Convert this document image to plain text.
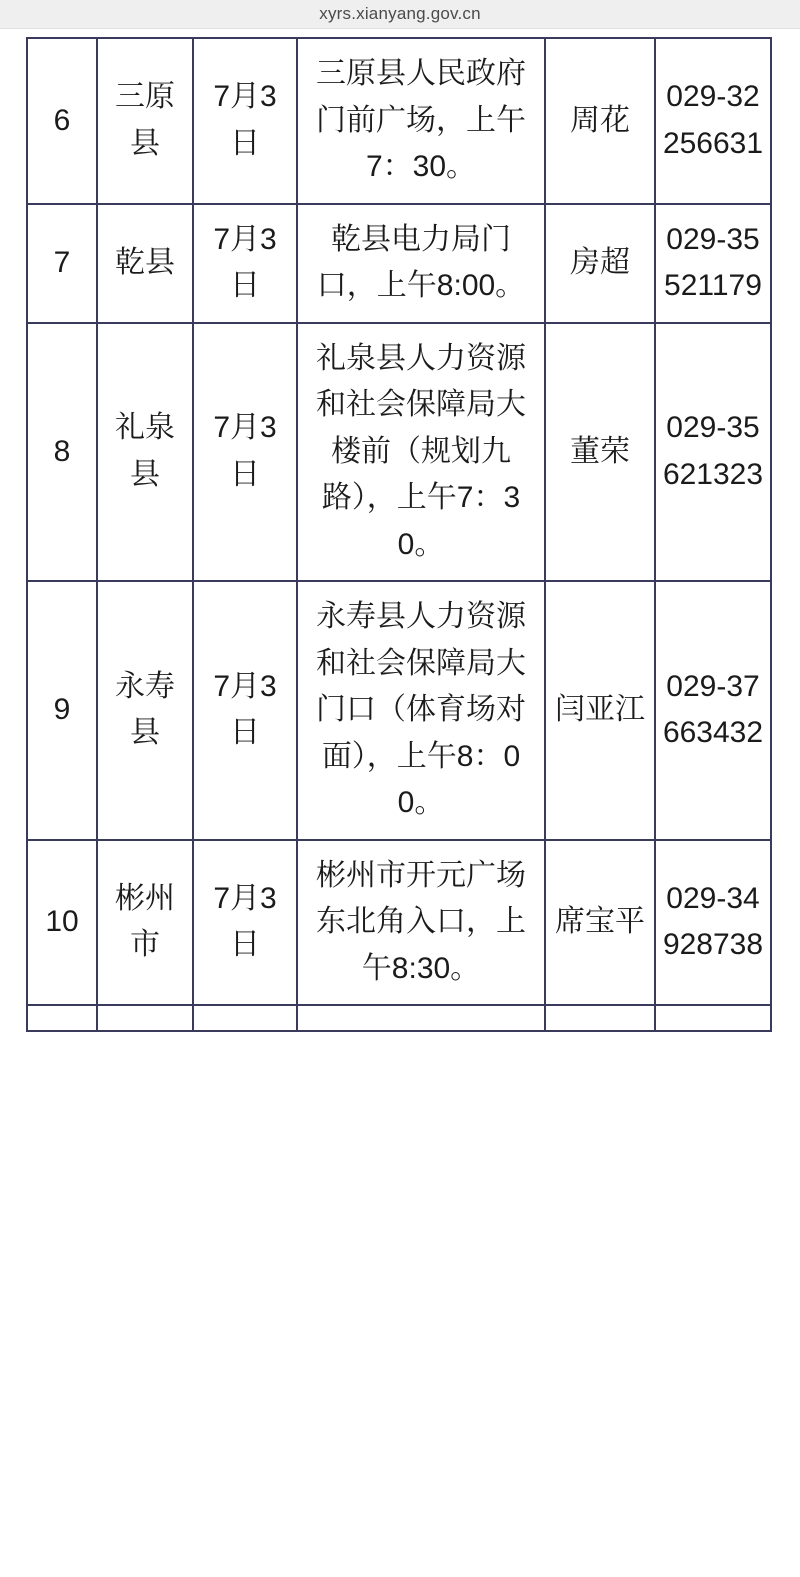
xyrs.xianyang.gov.cn
6	三原县	7月3日	三原县人民政府门前广场，上午7：30。	周花	029-32256631
7	乾县	7月3日	乾县电力局门口，上午8:00。	房超	029-35521179
8	礼泉县	7月3日	礼泉县人力资源和社会保障局大楼前（规划九路），上午7：30。	董荣	029-35621323
9	永寿县	7月3日	永寿县人力资源和社会保障局大门口（体育场对面），上午8：00。	闫亚江	029-37663432
10	彬州市	7月3日	彬州市开元广场东北角入口，上午8:30。	席宝平	029-34928738
